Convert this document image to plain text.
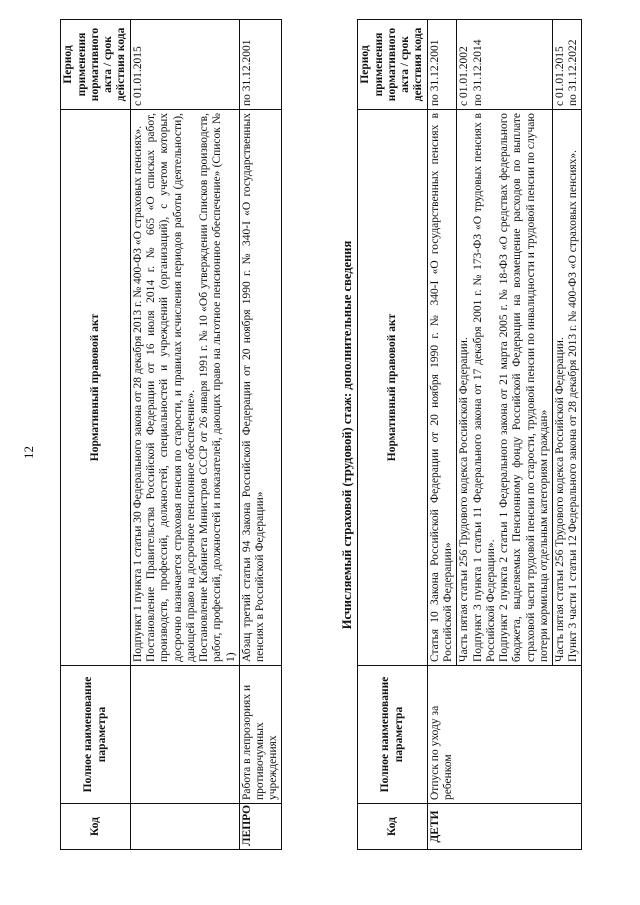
12
Код	Полное наименование параметра	Нормативный правовой акт	Период применения нормативного акта / срок действия кода

		Подпункт 1 пункта 1 статьи 30 Федерального закона от 28 декабря 2013 г. № 400-ФЗ «О страховых пенсиях». Постановление Правительства Российской Федерации от 16 июля 2014 г. № 665 «О списках работ, производств, профессий, должностей, специальностей и учреждений (организаций), с учетом которых досрочно назначается страховая пенсия по старости, и правилах исчисления периодов работы (деятельности), дающей право на досрочное пенсионное обеспечение». Постановление Кабинета Министров СССР от 26 января 1991 г. № 10 «Об утверждении Списков производств, работ, профессий, должностей и показателей, дающих право на льготное пенсионное обеспечение» (Список № 1)	с 01.01.2015

ЛЕПРО	Работа в лепрозориях и противочумных учреждениях	Абзац третий статьи 94 Закона Российской Федерации от 20 ноября 1990 г. № 340-I «О государственных пенсиях в Российской Федерации»	по 31.12.2001
Исчисляемый страховой (трудовой) стаж: дополнительные сведения
Код	Полное наименование параметра	Нормативный правовой акт	Период применения нормативного акта / срок действия кода
ДЕТИ	Отпуск по уходу за ребенком	Статья 10 Закона Российской Федерации от 20 ноября 1990 г. № 340-I «О государственных пенсиях в Российской Федерации»	по 31.12.2001

		Часть пятая статьи 256 Трудового кодекса Российской Федерации. Подпункт 3 пункта 1 статьи 11 Федерального закона от 17 декабря 2001 г. № 173-ФЗ «О трудовых пенсиях в Российской Федерации». Подпункт 2 пункта 2 статьи 1 Федерального закона от 21 марта 2005 г. № 18-ФЗ «О средствах федерального бюджета, выделяемых Пенсионному фонду Российской Федерации на возмещение расходов по выплате страховой части трудовой пенсии по старости, трудовой пенсии по инвалидности и трудовой пенсии по случаю потери кормильца отдельным категориям граждан»	с 01.01.2002 по 31.12.2014

		Часть пятая статьи 256 Трудового кодекса Российской Федерации. Пункт 3 части 1 статьи 12 Федерального закона от 28 декабря 2013 г. № 400-ФЗ «О страховых пенсиях».	с 01.01.2015 по 31.12.2022
